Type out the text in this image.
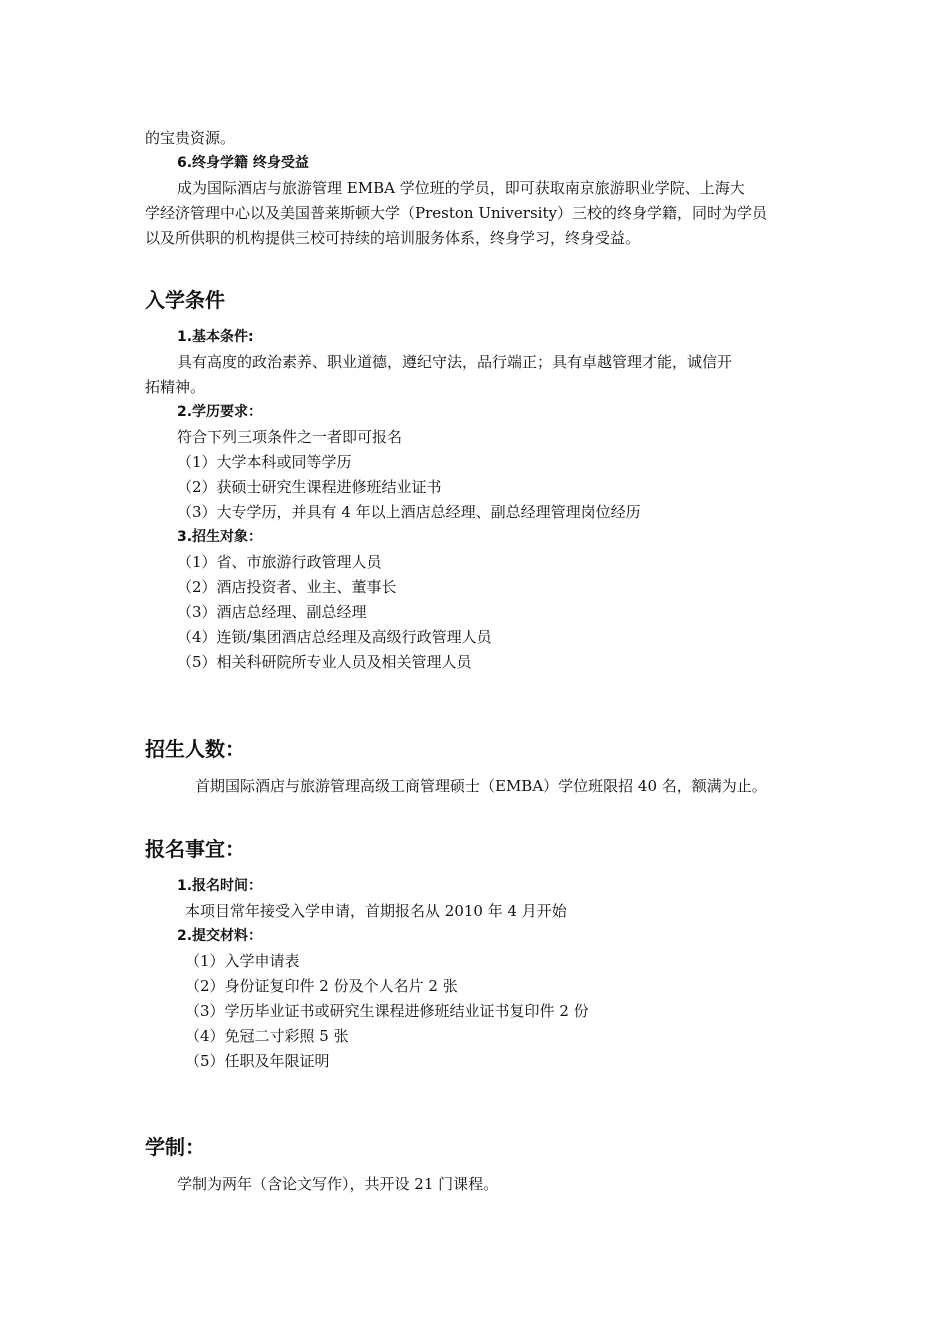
的宝贵资源。
6.终身学籍 终身受益
成为国际酒店与旅游管理 EMBA 学位班的学员，即可获取南京旅游职业学院、上海大
学经济管理中心以及美国普莱斯顿大学（Preston University）三校的终身学籍，同时为学员
以及所供职的机构提供三校可持续的培训服务体系，终身学习，终身受益。
入学条件
1.基本条件:
具有高度的政治素养、职业道德，遵纪守法，品行端正；具有卓越管理才能，诚信开
拓精神。
2.学历要求：
符合下列三项条件之一者即可报名
（1）大学本科或同等学历
（2）获硕士研究生课程进修班结业证书
（3）大专学历，并具有 4 年以上酒店总经理、副总经理管理岗位经历
3.招生对象：
（1）省、市旅游行政管理人员
（2）酒店投资者、业主、董事长
（3）酒店总经理、副总经理
（4）连锁/集团酒店总经理及高级行政管理人员
（5）相关科研院所专业人员及相关管理人员
招生人数：
首期国际酒店与旅游管理高级工商管理硕士（EMBA）学位班限招 40 名，额满为止。
报名事宜：
1.报名时间：
本项目常年接受入学申请，首期报名从 2010 年 4 月开始
2.提交材料：
（1）入学申请表
（2）身份证复印件 2 份及个人名片 2 张
（3）学历毕业证书或研究生课程进修班结业证书复印件 2 份
（4）免冠二寸彩照 5 张
（5）任职及年限证明
学制：
学制为两年（含论文写作），共开设 21 门课程。
